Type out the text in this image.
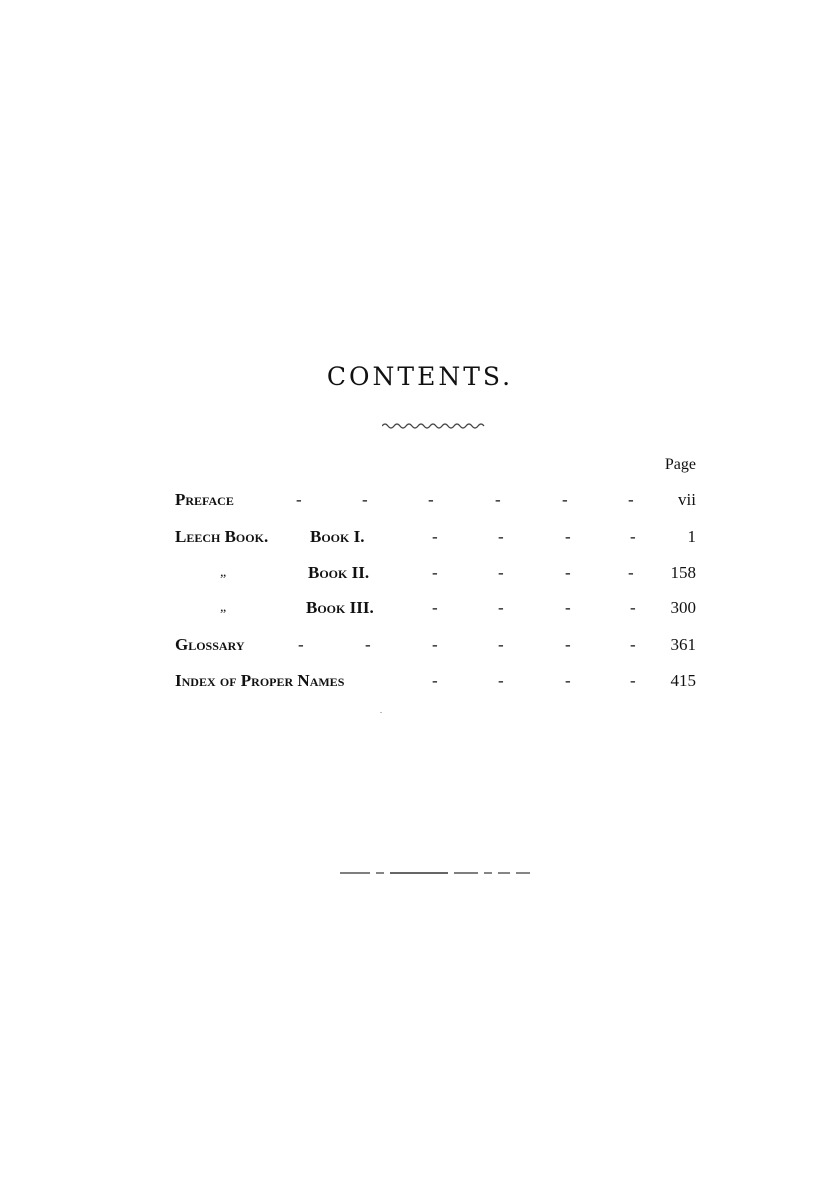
CONTENTS.
Page
Preface	-	-	-	-	-	-	vii
Leech Book. Book I.	-	-	-	-	1
„	Book II.	-	-	-	- 158
„	Book III.	-	-	-	- 300
Glossary	-	-	-	-	-	- 361
Index of Proper Names	-	-	-	- 415
